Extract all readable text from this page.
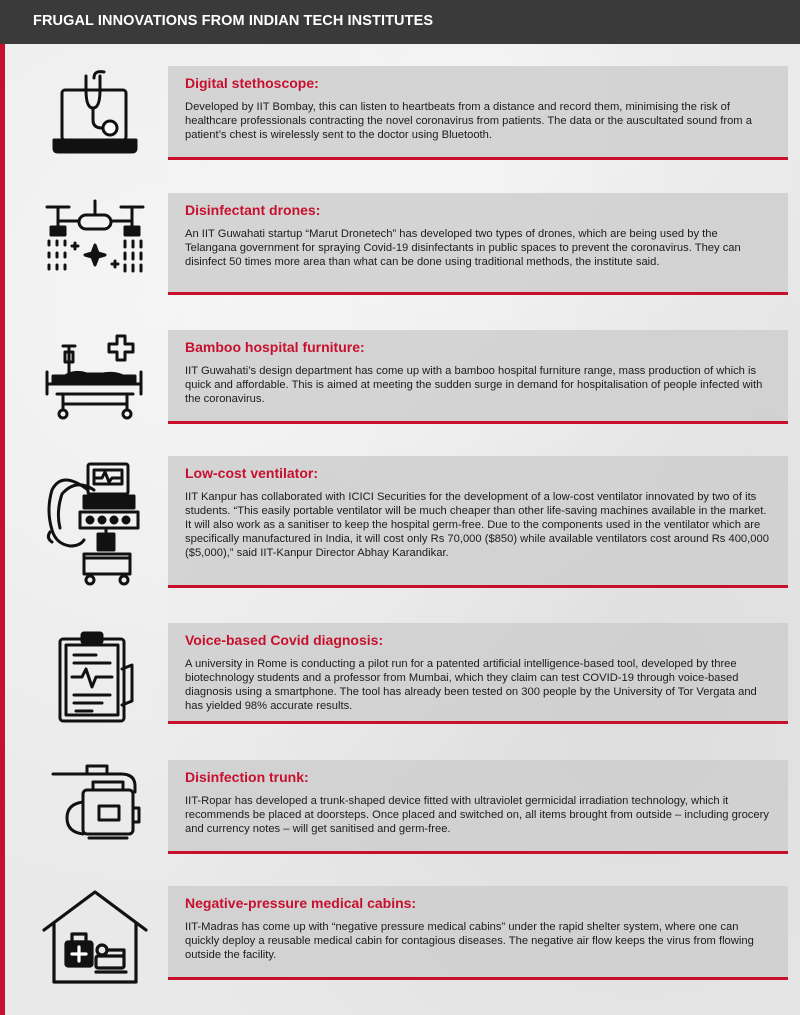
FRUGAL INNOVATIONS FROM INDIAN TECH INSTITUTES
Digital stethoscope:
Developed by IIT Bombay, this can listen to heartbeats from a distance and record them, minimising the risk of healthcare professionals contracting the novel coronavirus from patients. The data or the auscultated sound from a patient’s chest is wirelessly sent to the doctor using Bluetooth.
Disinfectant drones:
An IIT Guwahati startup “Marut Dronetech” has developed two types of drones, which are being used by the Telangana government for spraying Covid-19 disinfectants in public spaces to prevent the coronavirus. They can disinfect 50 times more area than what can be done using traditional methods, the institute said.
Bamboo hospital furniture:
IIT Guwahati’s design department has come up with a bamboo hospital furniture range, mass production of which is quick and affordable. This is aimed at meeting the sudden surge in demand for hospitalisation of people infected with the coronavirus.
Low-cost ventilator:
IIT Kanpur has collaborated with ICICI Securities for the development of a low-cost ventilator innovated by two of its students. “This easily portable ventilator will be much cheaper than other life-saving machines available in the market. It will also work as a sanitiser to keep the hospital germ-free. Due to the components used in the ventilator which are specifically manufactured in India, it will cost only Rs 70,000 ($850) while available ventilators cost around Rs 400,000 ($5,000),” said IIT-Kanpur Director Abhay Karandikar.
Voice-based Covid diagnosis:
A university in Rome is conducting a pilot run for a patented artificial intelligence-based tool, developed by three biotechnology students and a professor from Mumbai, which they claim can test COVID-19 through voice-based diagnosis using a smartphone. The tool has already been tested on 300 people by the University of Tor Vergata and has yielded 98% accurate results.
Disinfection trunk:
IIT-Ropar has developed a trunk-shaped device fitted with ultraviolet germicidal irradiation technology, which it recommends be placed at doorsteps. Once placed and switched on, all items brought from outside – including grocery and currency notes – will get sanitised and germ-free.
Negative-pressure medical cabins:
IIT-Madras has come up with “negative pressure medical cabins” under the rapid shelter system, where one can quickly deploy a reusable medical cabin for contagious diseases. The negative air flow keeps the virus from flowing outside the facility.
